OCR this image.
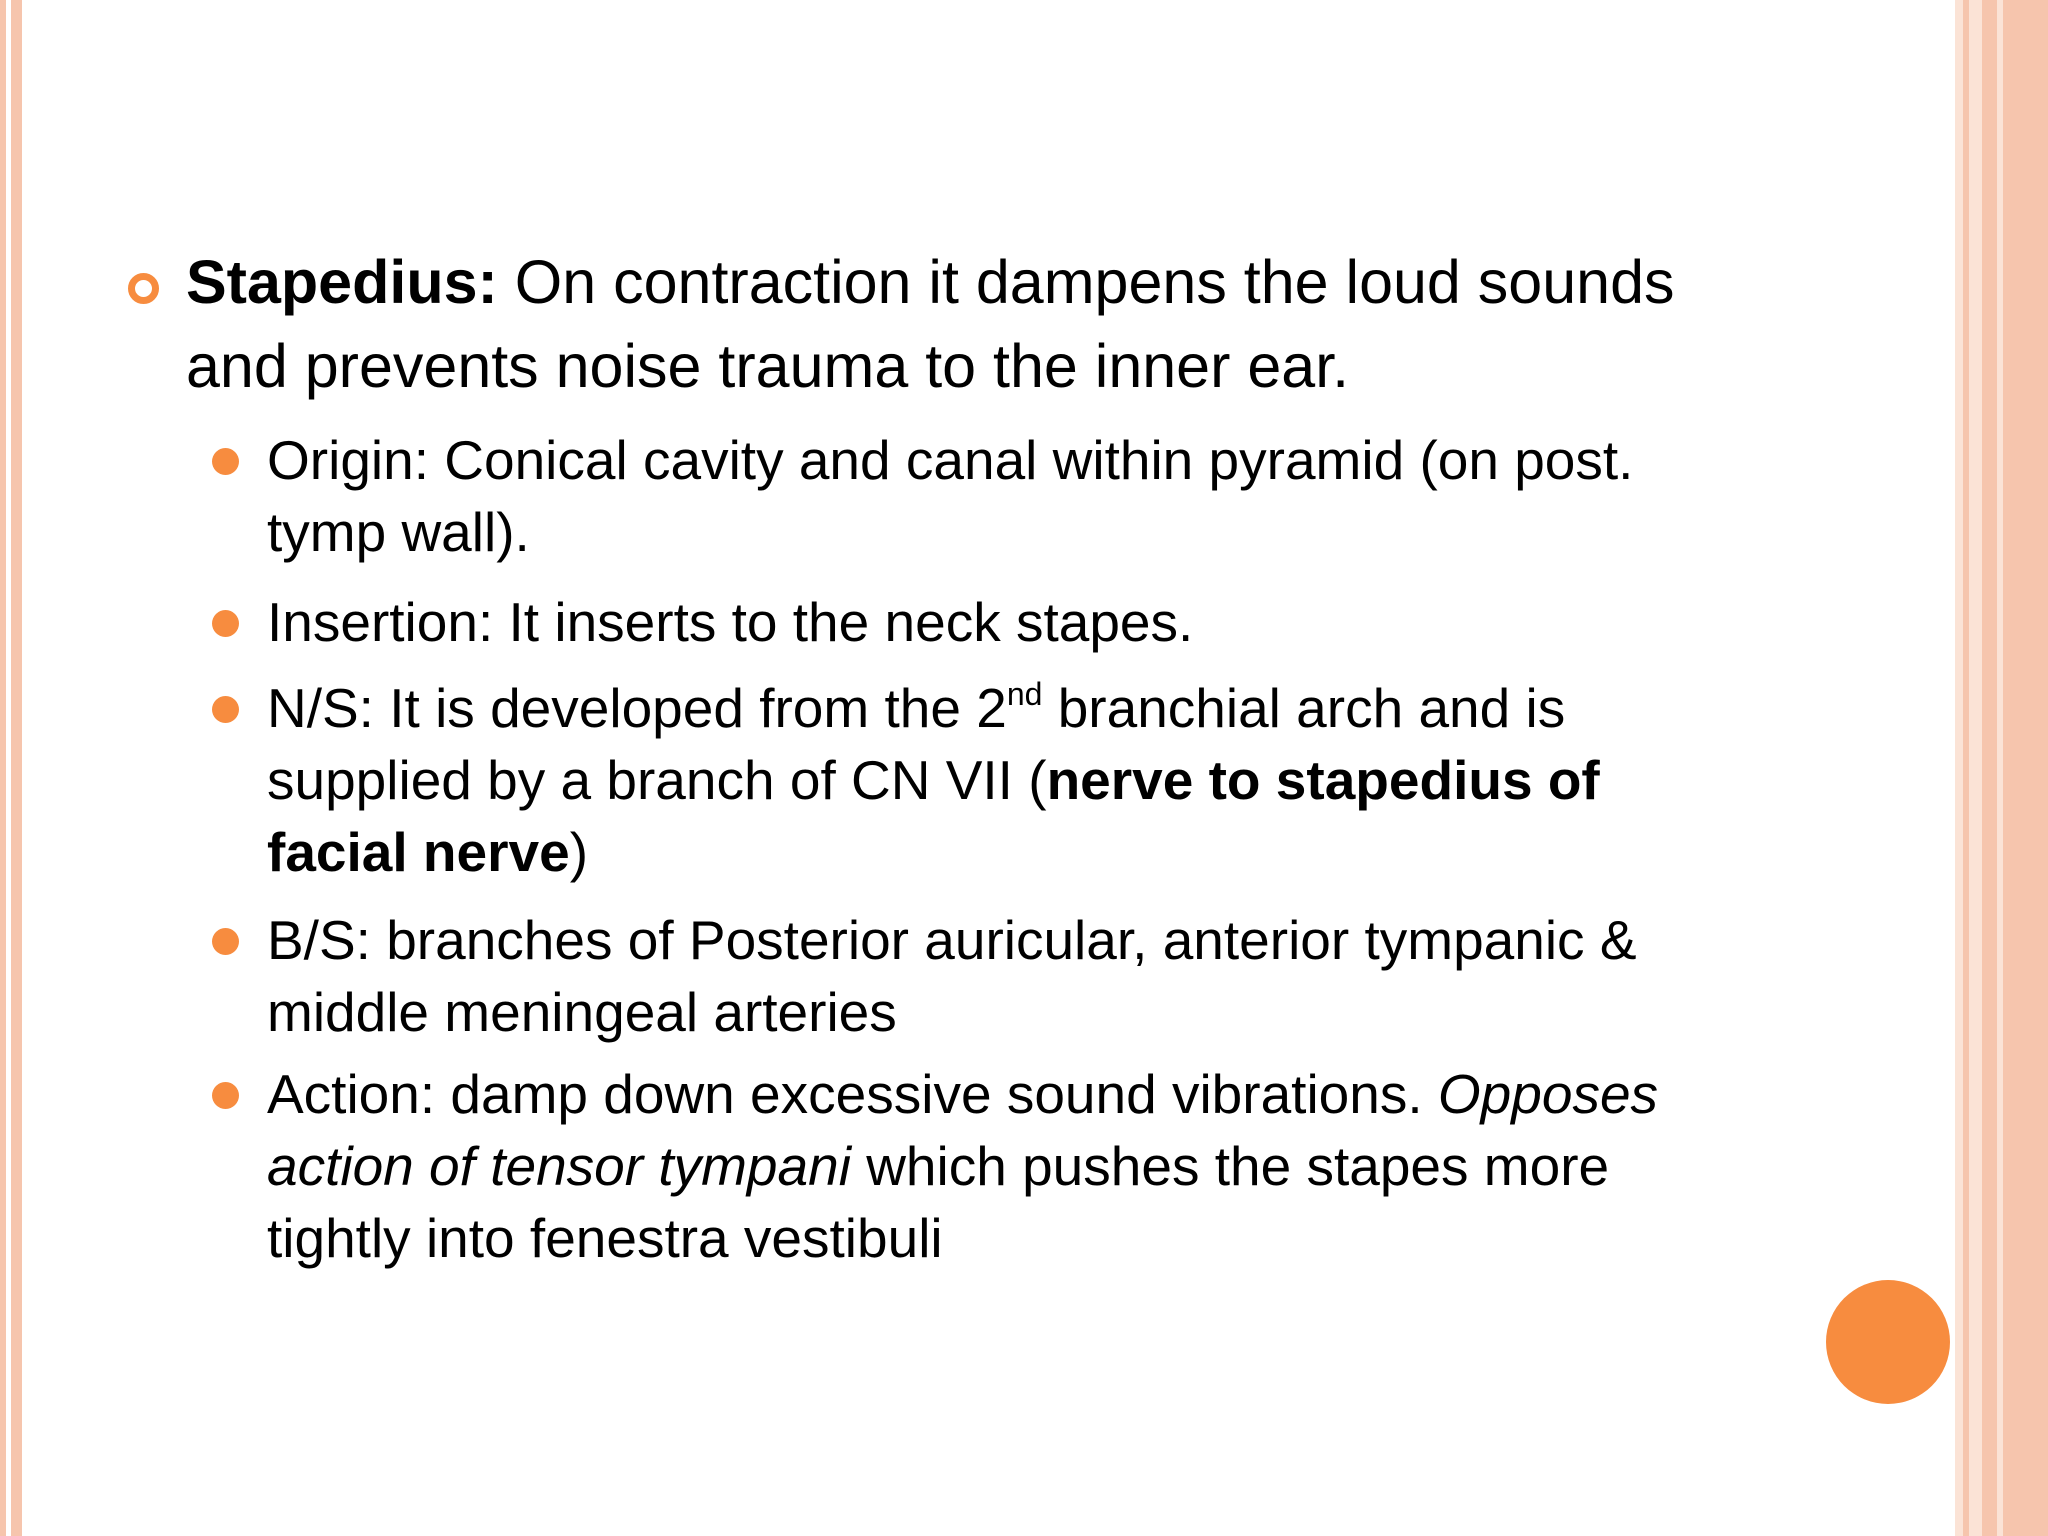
Stapedius: On contraction it dampens the loud sounds and prevents noise trauma to the inner ear.
Origin: Conical cavity and canal within pyramid (on post. tymp wall).
Insertion: It inserts to the neck stapes.
N/S: It is developed from the 2nd branchial arch and is supplied by a branch of CN VII (nerve to stapedius of facial nerve)
B/S: branches of Posterior auricular, anterior tympanic & middle meningeal arteries
Action: damp down excessive sound vibrations. Opposes action of tensor tympani which pushes the stapes more tightly into fenestra vestibuli
